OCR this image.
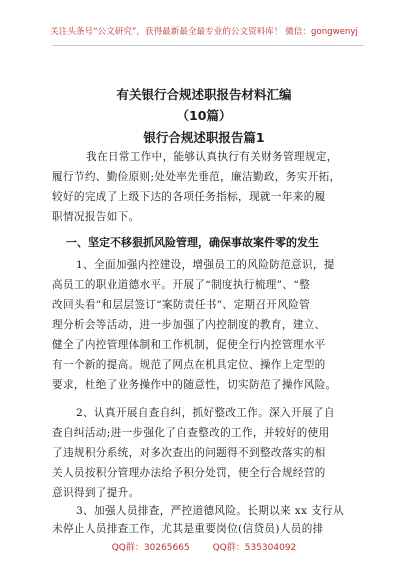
关注头条号“公文研究”，获得最新最全最专业的公文资料库！ 微信：gongwenyj
有关银行合规述职报告材料汇编
（10篇）
银行合规述职报告篇1
我在日常工作中，能够认真执行有关财务管理规定，
履行节约、勤俭原则;处处率先垂范，廉洁勤政，务实开拓，
较好的完成了上级下达的各项任务指标，现就一年来的履
职情况报告如下。
一、坚定不移狠抓风险管理，确保事故案件零的发生
1、全面加强内控建设，增强员工的风险防范意识，提
高员工的职业道德水平。开展了“制度执行梳理”、“整
改回头看”和层层签订“案防责任书”、定期召开风险管
理分析会等活动，进一步加强了内控制度的教育，建立、
健全了内控管理体制和工作机制，促使全行内控管理水平
有一个新的提高。规范了网点在机具定位、操作上定型的
要求，杜绝了业务操作中的随意性，切实防范了操作风险。
2、认真开展自查自纠，抓好整改工作。深入开展了自
查自纠活动;进一步强化了自查整改的工作，并较好的使用
了违规积分系统，对多次查出的问题得不到整改落实的相
关人员按积分管理办法给予积分处罚，使全行合规经营的
意识得到了提升。
3、加强人员排查，严控道德风险。长期以来 xx 支行从
未停止人员排查工作，尤其是重要岗位(信贷员)人员的排
QQ群：30265665	QQ群：535304092
